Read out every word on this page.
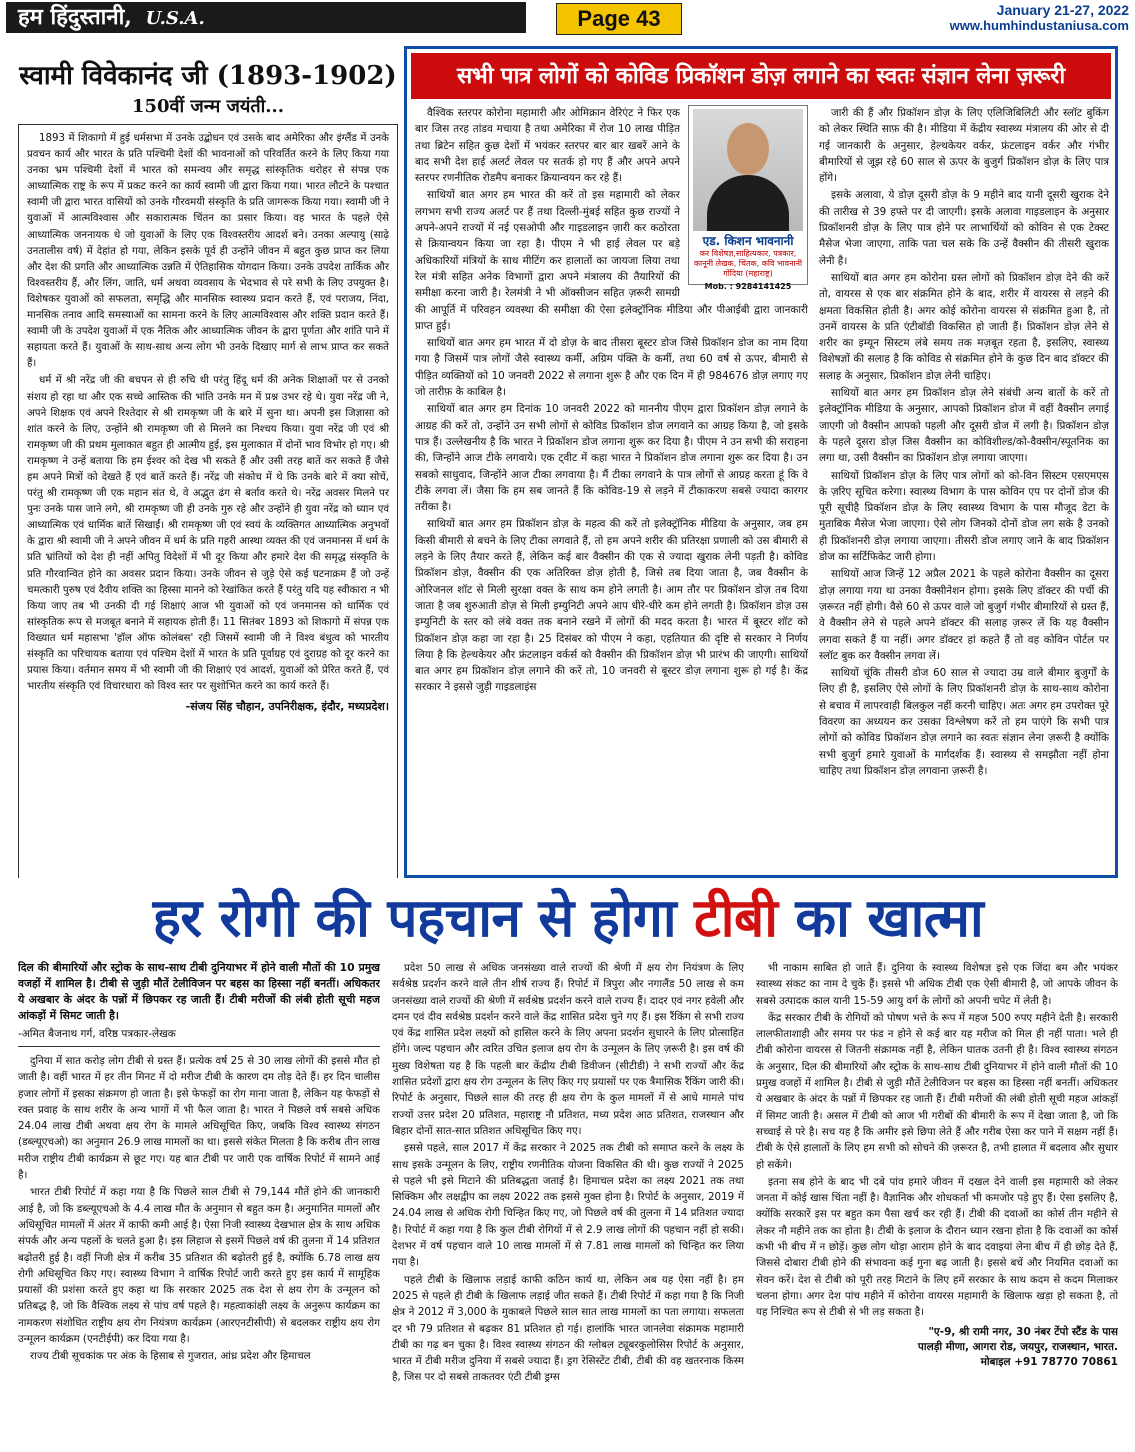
हम हिंदुस्तानी, U.S.A.	Page 43	January 21-27, 2022
www.humhindustaniusa.com
स्वामी विवेकानंद जी (1893-1902)
150वीं जन्म जयंती...

1893 में शिकागो में हुई धर्मसभा में उनके उद्बोधन एवं उसके बाद अमेरिका और इंग्लैंड में उनके प्रवचन कार्य और भारत के प्रति पश्चिमी देशों की भावनाओं को परिवर्तित करने के लिए किया गया उनका भ्रम पश्चिमी देशों में भारत को समन्वय और समृद्ध सांस्कृतिक धरोहर से संपन्न एक आध्यात्मिक राष्ट्र के रूप में प्रकट करने का कार्य स्वामी जी द्वारा किया गया। भारत लौटने के पश्चात स्वामी जी द्वारा भारत वासियों को उनके गौरवमयी संस्कृति के प्रति जागरूक किया गया। स्वामी जी ने युवाओं में आत्मविश्वास और सकारात्मक चिंतन का प्रसार किया। वह भारत के पहले ऐसे आध्यात्मिक जननायक थे जो युवाओं के लिए एक विश्वस्तरीय आदर्श बने। उनका अल्पायु (साढ़े उनतालीस वर्ष) में देहांत हो गया, लेकिन इसके पूर्व ही उन्होंने जीवन में बहुत कुछ प्राप्त कर लिया और देश की प्रगति और आध्यात्मिक उन्नति में ऐतिहासिक योगदान किया। उनके उपदेश तार्किक और विश्वस्तरीय हैं, और लिंग, जाति, धर्म अथवा व्यवसाय के भेदभाव से परे सभी के लिए उपयुक्त है। विशेषकर युवाओं को सफलता, समृद्धि और मानसिक स्वास्थ्य प्रदान करते हैं, एवं पराजय, निंदा, मानसिक तनाव आदि समस्याओं का सामना करने के लिए आत्मविश्वास और शक्ति प्रदान करते हैं। स्वामी जी के उपदेश युवाओं में एक नैतिक और आध्यात्मिक जीवन के द्वारा पूर्णता और शांति पाने में सहायता करते हैं। युवाओं के साथ-साथ अन्य लोग भी उनके दिखाए मार्ग से लाभ प्राप्त कर सकते हैं।

धर्म में श्री नरेंद्र जी की बचपन से ही रुचि थी परंतु हिंदू धर्म की अनेक शिक्षाओं पर से उनको संशय हो रहा था और एक सच्चे आस्तिक की भांति उनके मन में प्रश्न उभर रहे थे। युवा नरेंद्र जी ने, अपने शिक्षक एवं अपने रिश्तेदार से श्री रामकृष्ण जी के बारे में सुना था। अपनी इस जिज्ञासा को शांत करने के लिए, उन्होंने श्री रामकृष्ण जी से मिलने का निश्चय किया। युवा नरेंद्र जी एवं श्री रामकृष्ण जी की प्रथम मुलाकात बहुत ही आत्मीय हुई, इस मुलाकात में दोनों भाव विभोर हो गए। श्री रामकृष्ण ने उन्हें बताया कि हम ईश्वर को देख भी सकते हैं और उसी तरह बातें कर सकते हैं जैसे हम अपने मित्रों को देखते हैं एवं बातें करते हैं। नरेंद्र जी संकोच में थे कि उनके बारे में क्या सोचें, परंतु श्री रामकृष्ण जी एक महान संत थे, वे अद्भुत ढंग से बर्ताव करते थे। नरेंद्र अवसर मिलने पर पुनः उनके पास जाने लगे, श्री रामकृष्ण जी ही उनके गुरु रहे और उन्होंने ही युवा नरेंद्र को ध्यान एवं आध्यात्मिक एवं धार्मिक बातें सिखाईं। श्री रामकृष्ण जी एवं स्वयं के व्यक्तिगत आध्यात्मिक अनुभवों के द्वारा श्री स्वामी जी ने अपने जीवन में धर्म के प्रति गहरी आस्था व्यक्त की एवं जनमानस में धर्म के प्रति भ्रांतियों को देश ही नहीं अपितु विदेशों में भी दूर किया और हमारे देश की समृद्ध संस्कृति के प्रति गौरवान्वित होने का अवसर प्रदान किया। उनके जीवन से जुड़े ऐसे कई घटनाक्रम हैं जो उन्हें चमत्कारी पुरुष एवं दैवीय शक्ति का हिस्सा मानने को रेखांकित करते हैं परंतु यदि यह स्वीकारा न भी किया जाए तब भी उनकी दी गई शिक्षाएं आज भी युवाओं को एवं जनमानस को धार्मिक एवं सांस्कृतिक रूप से मजबूत बनाने में सहायक होती हैं। 11 सितंबर 1893 को शिकागो में संपन्न एक विख्यात धर्म महासभा 'हॉल ऑफ कोलंबस' रही जिसमें स्वामी जी ने विश्व बंधुत्व को भारतीय संस्कृति का परिचायक बताया एवं पश्चिम देशों में भारत के प्रति पूर्वाग्रह एवं दुराग्रह को दूर करने का प्रयास किया। वर्तमान समय में भी स्वामी जी की शिक्षाएं एवं आदर्श, युवाओं को प्रेरित करते हैं, एवं भारतीय संस्कृति एवं विचारधारा को विश्व स्तर पर सुशोभित करने का कार्य करते हैं।

-संजय सिंह चौहान, उपनिरीक्षक, इंदौर, मध्यप्रदेश।
सभी पात्र लोगों को कोविड प्रिकॉशन डोज़ लगाने का स्वतः संज्ञान लेना ज़रूरी
एड. किशन भावनानी
कर विशेषज्ञ,साहित्यकार, पत्रकार, कानूनी लेखक, चिंतक, कवि भावनानी गोंदिया (महाराष्ट्र)
Mob. : 9284141425

वैश्विक स्तरपर कोरोना महामारी और ओमिक्रान वेरिएंट ने फिर एक बार जिस तरह तांडव मचाया है तथा अमेरिका में रोज 10 लाख पीड़ित तथा ब्रिटेन सहित कुछ देशों में भयंकर स्तरपर बार बार खबरें आने के बाद सभी देश हाई अलर्ट लेवल पर सतर्क हो गए हैं और अपने अपने स्तरपर रणनीतिक रोडमैप बनाकर क्रियान्वयन कर रहे हैं।

साथियों बात अगर हम भारत की करें तो इस महामारी को लेकर लगभग सभी राज्य अलर्ट पर हैं तथा दिल्ली-मुंबई सहित कुछ राज्यों ने अपने-अपने राज्यों में नई एसओपी और गाइडलाइन ज़ारी कर कठोरता से क्रियान्वयन किया जा रहा है। पीएम ने भी हाई लेवल पर बड़े अधिकारियों मंत्रियों के साथ मीटिंग कर हालातों का जायजा लिया तथा रेल मंत्री सहित अनेक विभागों द्वारा अपने मंत्रालय की तैयारियों की समीक्षा करना जारी है। रेलमंत्री ने भी ऑक्सीजन सहित ज़रूरी सामग्री की आपूर्ति में परिवहन व्यवस्था की समीक्षा की ऐसा इलेक्ट्रॉनिक मीडिया और पीआईबी द्वारा जानकारी प्राप्त हुई।

साथियों बात अगर हम भारत में दो डोज़ के बाद तीसरा बूस्टर डोज जिसे प्रिकॉशन डोज का नाम दिया गया है जिसमें पात्र लोगों जैसे स्वास्थ्य कर्मी, अग्रिम पंक्ति के कर्मी, तथा 60 वर्ष से ऊपर, बीमारी से पीड़ित व्यक्तियों को 10 जनवरी 2022 से लगाना शुरू है और एक दिन में ही 984676 डोज़ लगाए गए जो तारीफ़ के काबिल है।

साथियों बात अगर हम दिनांक 10 जनवरी 2022 को माननीय पीएम द्वारा प्रिकॉशन डोज़ लगाने के आग्रह की करें तो, उन्होंने उन सभी लोगों से कोविड प्रिकॉशन डोज लगवाने का आग्रह किया है, जो इसके पात्र हैं। उल्लेखनीय है कि भारत ने प्रिकॉशन डोज लगाना शुरू कर दिया है। पीएम ने उन सभी की सराहना की, जिन्होंने आज टीके लगवाये। एक ट्वीट में कहा भारत ने प्रिकॉशन डोज लगाना शुरू कर दिया है। उन सबको साधुवाद, जिन्होंने आज टीका लगवाया है। मैं टीका लगवाने के पात्र लोगों से आग्रह करता हूं कि वे टीके लगवा लें। जैसा कि हम सब जानते हैं कि कोविड-19 से लड़ने में टीकाकरण सबसे ज्यादा कारगर तरीका है।

साथियों बात अगर हम प्रिकॉशन डोज़ के महत्व की करें तो इलेक्ट्रॉनिक मीडिया के अनुसार, जब हम किसी बीमारी से बचने के लिए टीका लगवाते हैं, तो हम अपने शरीर की प्रतिरक्षा प्रणाली को उस बीमारी से लड़ने के लिए तैयार करते हैं, लेकिन कई बार वैक्सीन की एक से ज्यादा खुराक लेनी पड़ती है। कोविड प्रिकॉशन डोज़, वैक्सीन की एक अतिरिक्त डोज़ होती है, जिसे तब दिया जाता है, जब वैक्सीन के ओरिजनल शॉट से मिली सुरक्षा वक्त के साथ कम होने लगती है। आम तौर पर प्रिकॉशन डोज़ तब दिया जाता है जब शुरुआती डोज़ से मिली इम्युनिटी अपने आप धीरे-धीरे कम होने लगती है। प्रिकॉशन डोज़ उस इम्युनिटी के स्तर को लंबे वक्त तक बनाने रखने में लोगों की मदद करता है। भारत में बूस्टर शॉट को प्रिकॉशन डोज़ कहा जा रहा है। 25 दिसंबर को पीएम ने कहा, एहतियात की दृष्टि से सरकार ने निर्णय लिया है कि हेल्थकेयर और फ्रंटलाइन वर्कर्स को वैक्सीन की प्रिकॉशन डोज़ भी प्रारंभ की जाएगी। साथियों बात अगर हम प्रिकॉशन डोज़ लगाने की करें तो, 10 जनवरी से बूस्टर डोज़ लगाना शुरू हो गई है। केंद्र सरकार ने इससे जुड़ी गाइडलाइंस

जारी की हैं और प्रिकॉशन डोज़ के लिए एलिजिबिलिटी और स्लॉट बुकिंग को लेकर स्थिति साफ़ की है। मीडिया में केंद्रीय स्वास्थ्य मंत्रालय की ओर से दी गई जानकारी के अनुसार, हेल्थकेयर वर्कर, फ्रंटलाइन वर्कर और गंभीर बीमारियों से जूझ रहे 60 साल से ऊपर के बुजुर्ग प्रिकॉशन डोज़ के लिए पात्र होंगे।

इसके अलावा, ये डोज़ दूसरी डोज़ के 9 महीने बाद यानी दूसरी खुराक देने की तारीख से 39 हफ्ते पर दी जाएगी। इसके अलावा गाइडलाइन के अनुसार प्रिकॉशनरी डोज़ के लिए पात्र होने पर लाभार्थियों को कोविन से एक टेक्स्ट मैसेज भेजा जाएगा, ताकि पता चल सके कि उन्हें वैक्सीन की तीसरी खुराक लेनी है।

साथियों बात अगर हम कोरोना ग्रस्त लोगों को प्रिकॉशन डोज़ देने की करें तो, वायरस से एक बार संक्रमित होने के बाद, शरीर में वायरस से लड़ने की क्षमता विकसित होती है। अगर कोई कोरोना वायरस से संक्रमित हुआ है, तो उनमें वायरस के प्रति एंटीबॉडी विकसित हो जाती हैं। प्रिकॉशन डोज़ लेने से शरीर का इम्यून सिस्टम लंबे समय तक मज़बूत रहता है, इसलिए, स्वास्थ्य विशेषज्ञों की सलाह है कि कोविड से संक्रमित होने के कुछ दिन बाद डॉक्टर की सलाह के अनुसार, प्रिकॉशन डोज़ लेनी चाहिए।

साथियों बात अगर हम प्रिकॉशन डोज़ लेने संबंधी अन्य बातों के करें तो इलेक्ट्रॉनिक मीडिया के अनुसार, आपको प्रिकॉशन डोज में वहीं वैक्सीन लगाई जाएगी जो वैक्सीन आपको पहली और दूसरी डोज में लगी है। प्रिकॉशन डोज़ के पहले दूसरा डोज़ जिस वैक्सीन का कोविशील्ड/को-वैक्सीन/स्पूतनिक का लगा था, उसी वैक्सीन का प्रिकॉशन डोज़ लगाया जाएगा।

साथियों प्रिकॉशन डोज़ के लिए पात्र लोगों को को-विन सिस्टम एसएमएस के ज़रिए सूचित करेगा। स्वास्थ्य विभाग के पास कोविन एप पर दोनों डोज की पूरी सूचीहै प्रिकॉशन डोज़ के लिए स्वास्थ्य विभाग के पास मौजूद डेटा के मुताबिक मैसेज भेजा जाएगा। ऐसे लोग जिनको दोनों डोज लग सके है उनको ही प्रिकॉशनरी डोज़ लगाया जाएगा। तीसरी डोज लगाए जाने के बाद प्रिकॉशन डोज का सर्टिफिकेट जारी होगा।

साथियों आज जिन्हें 12 अप्रैल 2021 के पहले कोरोना वैक्सीन का दूसरा डोज़ लगाया गया था उनका वैक्सीनेशन होगा। इसके लिए डॉक्टर की पर्ची की ज़रूरत नहीं होगी। वैसे 60 से ऊपर वाले जो बुजुर्ग गंभीर बीमारियों से ग्रस्त हैं, वे वैक्सीन लेने से पहले अपने डॉक्टर की सलाह ज़रूर लें कि यह वैक्सीन लगवा सकते हैं या नहीं। अगर डॉक्टर हां कहते हैं तो वह कोविन पोर्टल पर स्लॉट बुक कर वैक्सीन लगवा लें।

साथियों चूंकि तीसरी डोज 60 साल से ज्यादा उम्र वाले बीमार बुजुर्गों के लिए ही है, इसलिए ऐसे लोगों के लिए प्रिकॉशनरी डोज़ के साथ-साथ कोरोना से बचाव में लापरवाही बिलकुल नहीं करनी चाहिए। अतः अगर हम उपरोक्त पूरे विवरण का अध्ययन कर उसका विश्लेषण करें तो हम पाएंगे कि सभी पात्र लोगों को कोविड प्रिकॉशन डोज़ लगाने का स्वतः संज्ञान लेना ज़रूरी है क्योंकि सभी बुजुर्ग हमारे युवाओं के मार्गदर्शक हैं। स्वास्थ्य से समझौता नहीं होना चाहिए तथा प्रिकॉशन डोज़ लगवाना ज़रूरी है।

हर रोगी की पहचान से होगा टीबी का खात्मा
दिल की बीमारियों और स्ट्रोक के साथ-साथ टीबी दुनियाभर में होने वाली मौतों की 10 प्रमुख वजहों में शामिल है। टीबी से जुड़ी मौतें टेलीविजन पर बहस का हिस्सा नहीं बनतीं। अधिकतर ये अखबार के अंदर के पन्नों में छिपकर रह जाती हैं। टीबी मरीजों की लंबी होती सूची महज आंकड़ों में सिमट जाती है।
-अमित बैजनाथ गर्ग, वरिष्ठ पत्रकार-लेखक

दुनिया में सात करोड़ लोग टीबी से ग्रस्त हैं। प्रत्येक वर्ष 25 से 30 लाख लोगों की इससे मौत हो जाती है। वहीं भारत में हर तीन मिनट में दो मरीज टीबी के कारण दम तोड़ देते हैं। हर दिन चालीस हजार लोगों में इसका संक्रमण हो जाता है। इसे फेफड़ों का रोग माना जाता है, लेकिन यह फेफड़ों से रक्त प्रवाह के साथ शरीर के अन्य भागों में भी फैल जाता है। भारत ने पिछले वर्ष सबसे अधिक 24.04 लाख टीबी अथवा क्षय रोग के मामले अधिसूचित किए, जबकि विश्व स्वास्थ्य संगठन (डब्ल्यूएचओ) का अनुमान 26.9 लाख मामलों का था। इससे संकेत मिलता है कि करीब तीन लाख मरीज राष्ट्रीय टीबी कार्यक्रम से छूट गए। यह बात टीबी पर जारी एक वार्षिक रिपोर्ट में सामने आई है।

भारत टीबी रिपोर्ट में कहा गया है कि पिछले साल टीबी से 79,144 मौतें होने की जानकारी आई है, जो कि डब्ल्यूएचओ के 4.4 लाख मौत के अनुमान से बहुत कम है। अनुमानित मामलों और अधिसूचित मामलों में अंतर में काफी कमी आई है। ऐसा निजी स्वास्थ्य देखभाल क्षेत्र के साथ अधिक संपर्क और अन्य पहलों के चलते हुआ है। इस लिहाज से इसमें पिछले वर्ष की तुलना में 14 प्रतिशत बढ़ोतरी हुई है। वहीं निजी क्षेत्र में करीब 35 प्रतिशत की बढ़ोतरी हुई है, क्योंकि 6.78 लाख क्षय रोगी अधिसूचित किए गए। स्वास्थ्य विभाग ने वार्षिक रिपोर्ट जारी करते हुए इस कार्य में सामूहिक प्रयासों की प्रशंसा करते हुए कहा था कि सरकार 2025 तक देश से क्षय रोग के उन्मूलन को प्रतिबद्ध है, जो कि वैश्विक लक्ष्य से पांच वर्ष पहले है। महत्वाकांक्षी लक्ष्य के अनुरूप कार्यक्रम का नामकरण संशोधित राष्ट्रीय क्षय रोग नियंत्रण कार्यक्रम (आरएनटीसीपी) से बदलकर राष्ट्रीय क्षय रोग उन्मूलन कार्यक्रम (एनटीईपी) कर दिया गया है।

राज्य टीबी सूचकांक पर अंक के हिसाब से गुजरात, आंध्र प्रदेश और हिमाचल

प्रदेश 50 लाख से अधिक जनसंख्या वाले राज्यों की श्रेणी में क्षय रोग नियंत्रण के लिए सर्वश्रेष्ठ प्रदर्शन करने वाले तीन शीर्ष राज्य हैं। रिपोर्ट में त्रिपुरा और नगालैंड 50 लाख से कम जनसंख्या वाले राज्यों की श्रेणी में सर्वश्रेष्ठ प्रदर्शन करने वाले राज्य हैं। दादर एवं नगर हवेली और दमन एवं दीव सर्वश्रेष्ठ प्रदर्शन करने वाले केंद्र शासित प्रदेश चुने गए हैं। इस रैंकिंग से सभी राज्य एवं केंद्र शासित प्रदेश लक्ष्यों को हासिल करने के लिए अपना प्रदर्शन सुधारने के लिए प्रोत्साहित होंगे। जल्द पहचान और त्वरित उचित इलाज क्षय रोग के उन्मूलन के लिए ज़रूरी है। इस वर्ष की मुख्य विशेषता यह है कि पहली बार केंद्रीय टीबी डिवीजन (सीटीडी) ने सभी राज्यों और केंद्र शासित प्रदेशों द्वारा क्षय रोग उन्मूलन के लिए किए गए प्रयासों पर एक त्रैमासिक रैंकिंग जारी की। रिपोर्ट के अनुसार, पिछले साल की तरह ही क्षय रोग के कुल मामलों में से आधे मामले पांच राज्यों उत्तर प्रदेश 20 प्रतिशत, महाराष्ट्र नौ प्रतिशत, मध्य प्रदेश आठ प्रतिशत, राजस्थान और बिहार दोनों सात-सात प्रतिशत अधिसूचित किए गए।

इससे पहले, साल 2017 में केंद्र सरकार ने 2025 तक टीबी को समाप्त करने के लक्ष्य के साथ इसके उन्मूलन के लिए, राष्ट्रीय रणनीतिक योजना विकसित की थी। कुछ राज्यों ने 2025 से पहले भी इसे मिटाने की प्रतिबद्धता जताई है। हिमाचल प्रदेश का लक्ष्य 2021 तक तथा सिक्किम और लक्षद्वीप का लक्ष्य 2022 तक इससे मुक्त होना है। रिपोर्ट के अनुसार, 2019 में 24.04 लाख से अधिक रोगी चिन्हित किए गए, जो पिछले वर्ष की तुलना में 14 प्रतिशत ज्यादा है। रिपोर्ट में कहा गया है कि कुल टीबी रोगियों में से 2.9 लाख लोगों की पहचान नहीं हो सकी। देशभर में वर्ष पहचान वाले 10 लाख मामलों में से 7.81 लाख मामलों को चिन्हित कर लिया गया है।

पहले टीबी के खिलाफ लड़ाई काफी कठिन कार्य था, लेकिन अब यह ऐसा नहीं है। हम 2025 से पहले ही टीबी के खिलाफ लड़ाई जीत सकते हैं। टीबी रिपोर्ट में कहा गया है कि निजी क्षेत्र ने 2012 में 3,000 के मुकाबले पिछले साल सात लाख मामलों का पता लगाया। सफलता दर भी 79 प्रतिशत से बढ़कर 81 प्रतिशत हो गई। हालांकि भारत जानलेवा संक्रामक महामारी टीबी का गढ़ बन चुका है। विश्व स्वास्थ्य संगठन की ग्लोबल ट्यूबरकुलोसिस रिपोर्ट के अनुसार, भारत में टीबी मरीज दुनिया में सबसे ज्यादा हैं। ड्रग रेसिस्टेंट टीबी, टीबी की वह खतरनाक किस्म है, जिस पर दो सबसे ताकतवर एंटी टीबी ड्रग्स

भी नाकाम साबित हो जाते हैं। दुनिया के स्वास्थ्य विशेषज्ञ इसे एक जिंदा बम और भयंकर स्वास्थ्य संकट का नाम दे चुके हैं। इससे भी अधिक टीबी एक ऐसी बीमारी है, जो आपके जीवन के सबसे उत्पादक काल यानी 15-59 आयु वर्ग के लोगों को अपनी चपेट में लेती है।

केंद्र सरकार टीबी के रोगियों को पोषण भत्ते के रूप में महज 500 रुपए महीने देती है। सरकारी लालफीताशाही और समय पर फंड न होने से कई बार यह मरीज को मिल ही नहीं पाता। भले ही टीबी कोरोना वायरस से जितनी संक्रामक नहीं है, लेकिन घातक उतनी ही है। विश्व स्वास्थ्य संगठन के अनुसार, दिल की बीमारियों और स्ट्रोक के साथ-साथ टीबी दुनियाभर में होने वाली मौतों की 10 प्रमुख वजहों में शामिल है। टीबी से जुड़ी मौतें टेलीविजन पर बहस का हिस्सा नहीं बनतीं। अधिकतर ये अखबार के अंदर के पन्नों में छिपकर रह जाती हैं। टीबी मरीजों की लंबी होती सूची महज आंकड़ों में सिमट जाती है। असल में टीबी को आज भी गरीबों की बीमारी के रूप में देखा जाता है, जो कि सच्चाई से परे है। सच यह है कि अमीर इसे छिपा लेते हैं और गरीब ऐसा कर पाने में सक्षम नहीं हैं। टीबी के ऐसे हालातों के लिए हम सभी को सोचने की ज़रूरत है, तभी हालात में बदलाव और सुधार हो सकेंगे।

इतना सब होने के बाद भी दबे पांव हमारे जीवन में दखल देने वाली इस महामारी को लेकर जनता में कोई खास चिंता नहीं है। वैज्ञानिक और शोधकर्ता भी कमजोर पड़े हुए हैं। ऐसा इसलिए है, क्योंकि सरकारें इस पर बहुत कम पैसा खर्च कर रही हैं। टीबी की दवाओं का कोर्स तीन महीने से लेकर नौ महीने तक का होता है। टीबी के इलाज के दौरान ध्यान रखना होता है कि दवाओं का कोर्स कभी भी बीच में न छोड़ें। कुछ लोग थोड़ा आराम होने के बाद दवाइयां लेना बीच में ही छोड़ देते हैं, जिससे दोबारा टीबी होने की संभावना कई गुना बढ़ जाती है। इससे बचें और नियमित दवाओं का सेवन करें। देश से टीबी को पूरी तरह मिटाने के लिए हमें सरकार के साथ कदम से कदम मिलाकर चलना होगा। अगर देश पांच महीने में कोरोना वायरस महामारी के खिलाफ खड़ा हो सकता है, तो यह निश्चित रूप से टीबी से भी लड़ सकता है।

"ए-9, श्री रामी नगर, 30 नंबर टेंपो स्टैंड के पास
पालड़ी मीणा, आगरा रोड, जयपुर, राजस्थान, भारत.
मोबाइल +91 78770 70861
